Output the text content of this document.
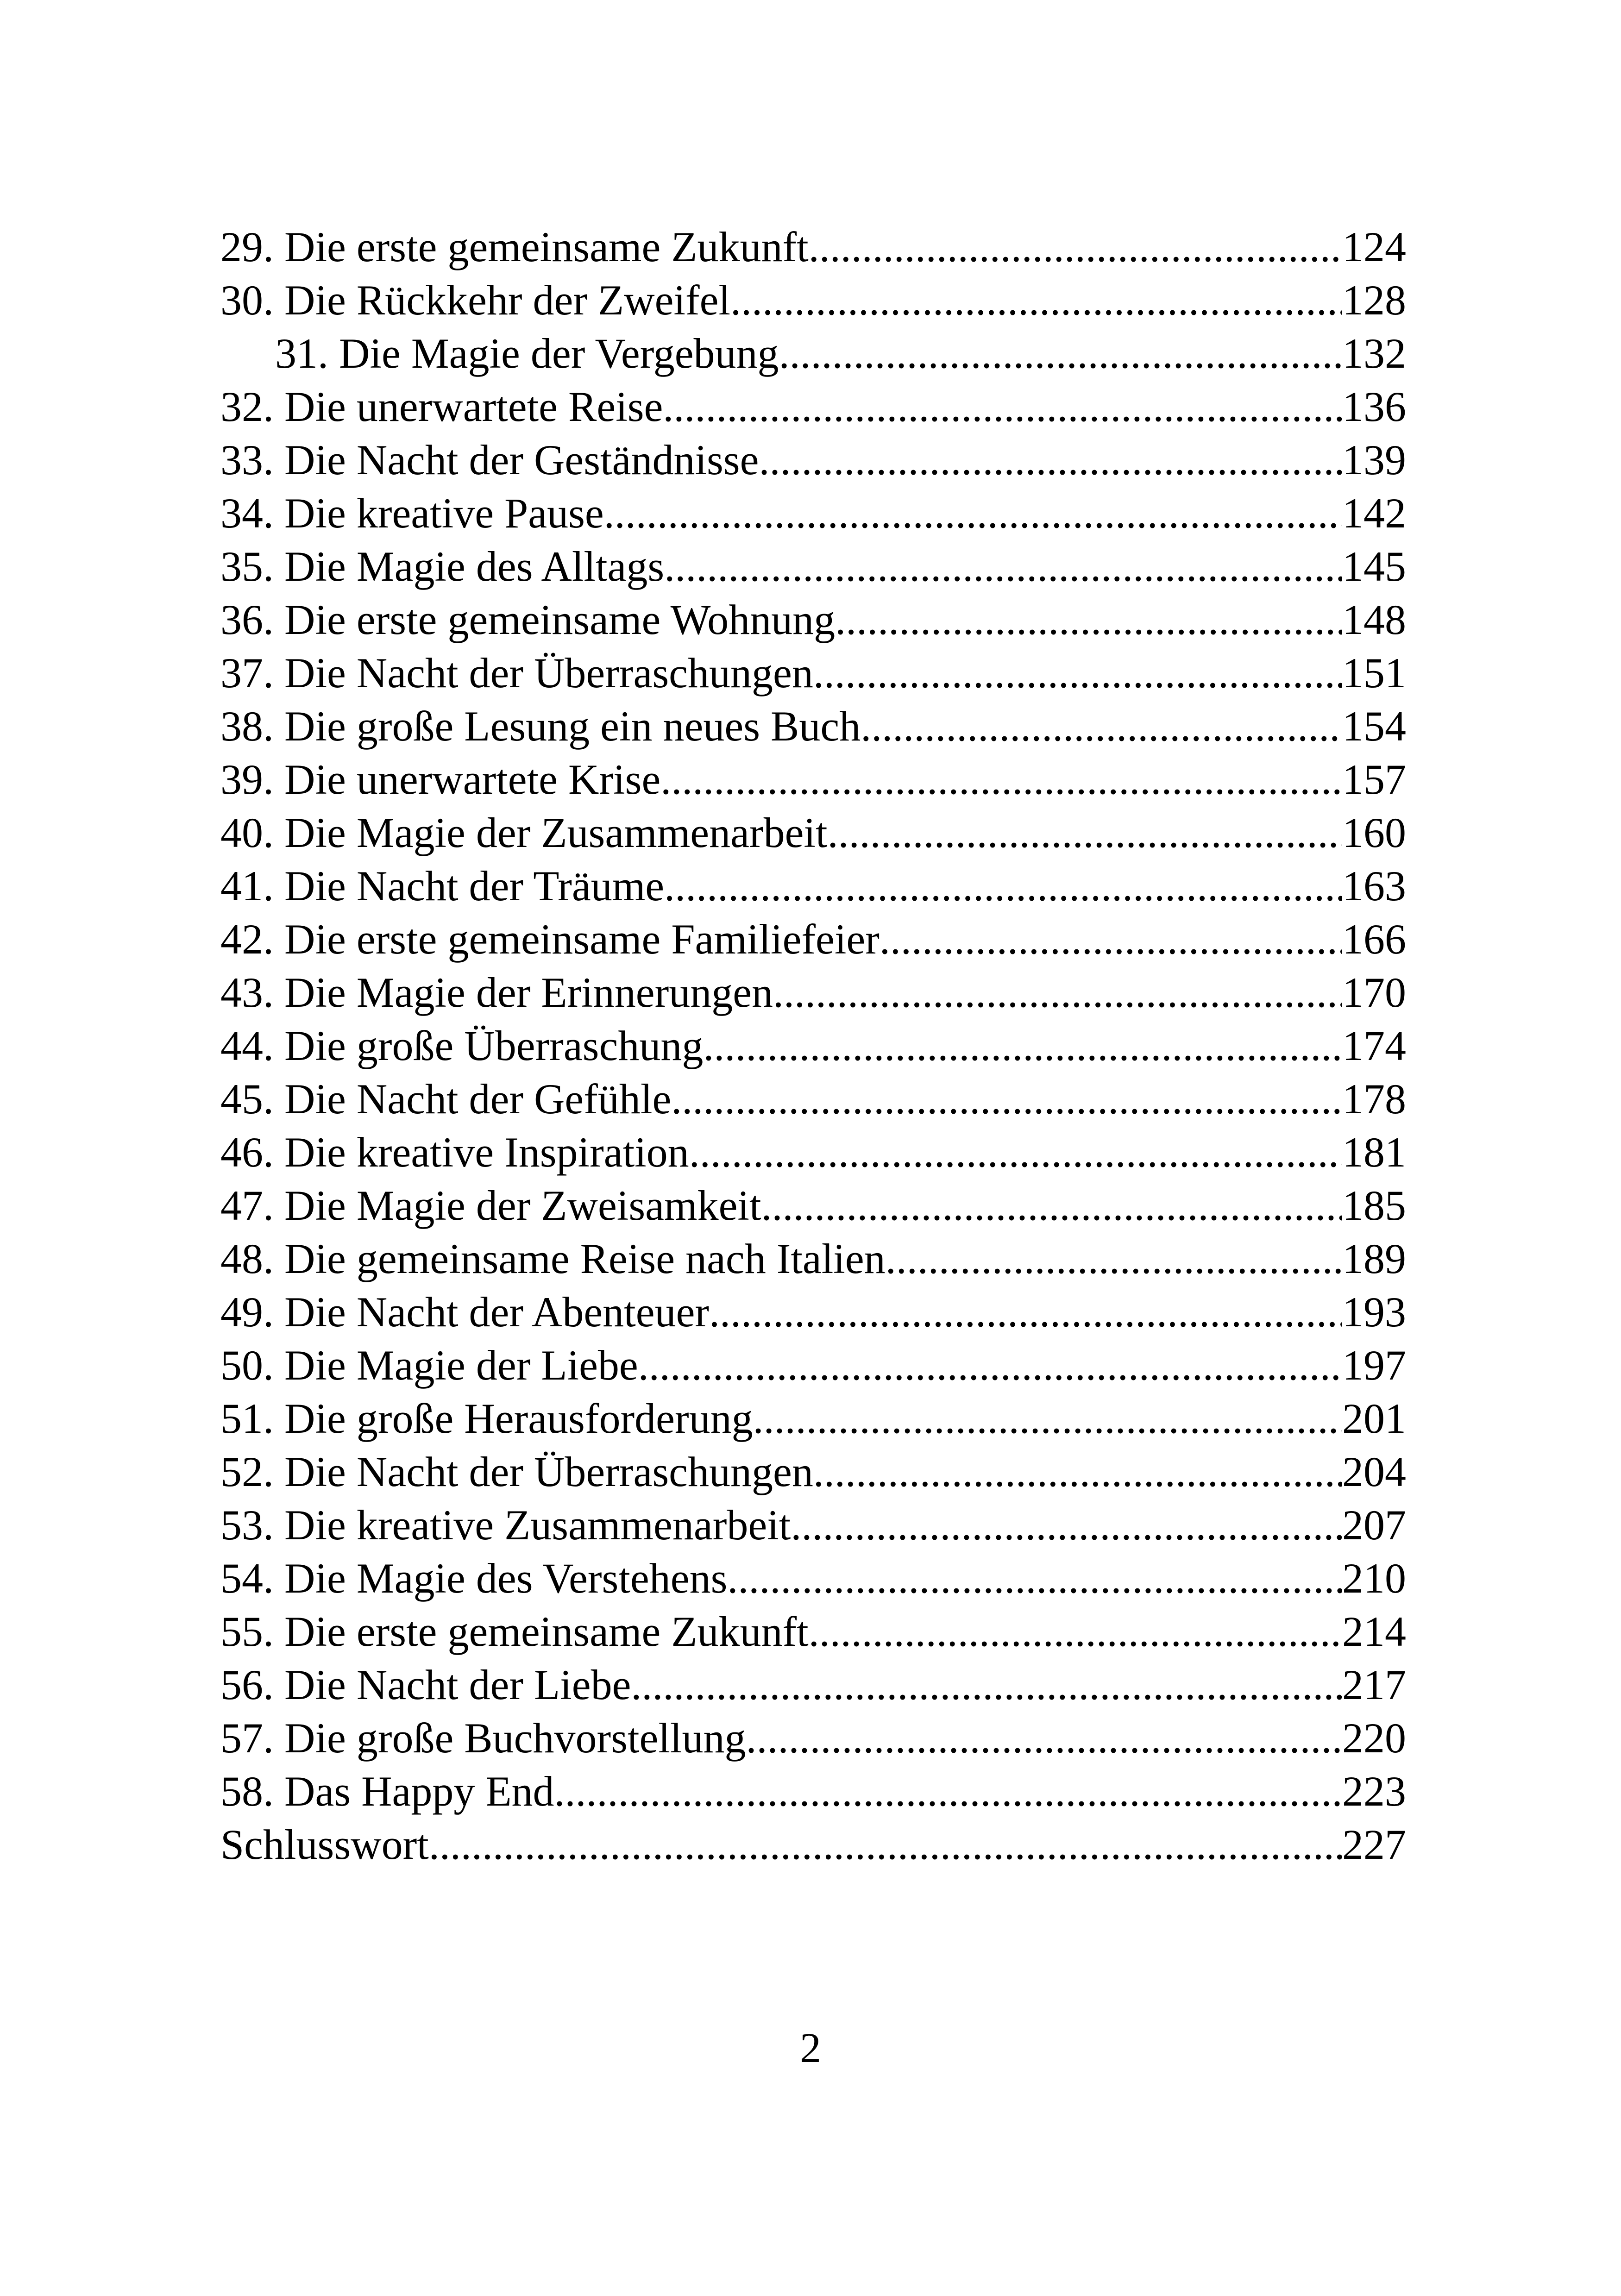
29. Die erste gemeinsame Zukunft .....	124
30. Die Rückkehr der Zweifel .....	128
31. Die Magie der Vergebung .....	132
32. Die unerwartete Reise .....	136
33. Die Nacht der Geständnisse .....	139
34. Die kreative Pause .....	142
35. Die Magie des Alltags .....	145
36. Die erste gemeinsame Wohnung .....	148
37. Die Nacht der Überraschungen .....	151
38. Die große Lesung ein neues Buch .....	154
39. Die unerwartete Krise .....	157
40. Die Magie der Zusammenarbeit .....	160
41. Die Nacht der Träume .....	163
42. Die erste gemeinsame Familiefeier .....	166
43. Die Magie der Erinnerungen .....	170
44. Die große Überraschung .....	174
45. Die Nacht der Gefühle .....	178
46. Die kreative Inspiration .....	181
47. Die Magie der Zweisamkeit .....	185
48. Die gemeinsame Reise nach Italien .....	189
49. Die Nacht der Abenteuer .....	193
50. Die Magie der Liebe .....	197
51. Die große Herausforderung .....	201
52. Die Nacht der Überraschungen .....	204
53. Die kreative Zusammenarbeit .....	207
54. Die Magie des Verstehens .....	210
55. Die erste gemeinsame Zukunft .....	214
56. Die Nacht der Liebe .....	217
57. Die große Buchvorstellung .....	220
58. Das Happy End .....	223
Schlusswort .....	227
2
